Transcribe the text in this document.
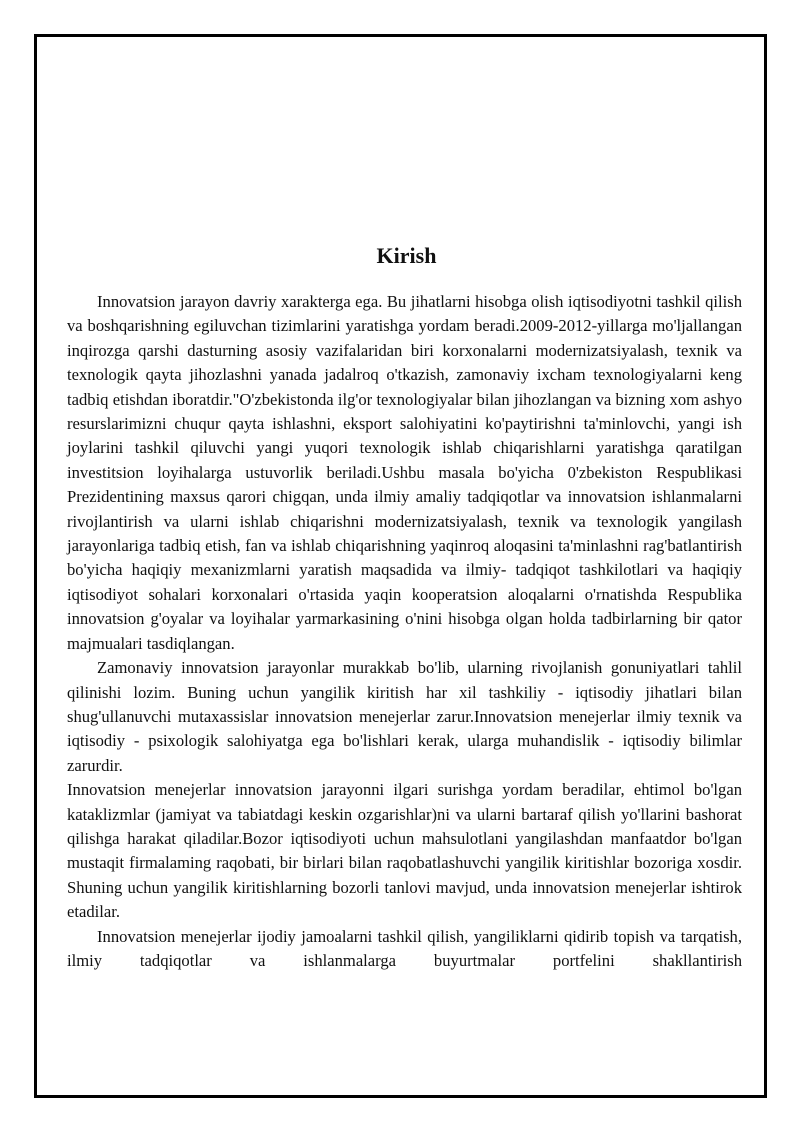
Kirish

Innovatsion jarayon davriy xarakterga ega. Bu jihatlarni hisobga olish iqtisodiyotni tashkil qilish va boshqarishning egiluvchan tizimlarini yaratishga yordam beradi.2009-2012-yillarga mo'ljallangan inqirozga qarshi dasturning asosiy vazifalaridan biri korxonalarni modernizatsiyalash, texnik va texnologik qayta jihozlashni yanada jadalroq o'tkazish, zamonaviy ixcham texnologiyalarni keng tadbiq etishdan iboratdir."O'zbekistonda ilg'or texnologiyalar bilan jihozlangan va bizning xom ashyo resurslarimizni chuqur qayta ishlashni, eksport salohiyatini ko'paytirishni ta'minlovchi, yangi ish joylarini tashkil qiluvchi yangi yuqori texnologik ishlab chiqarishlarni yaratishga qaratilgan investitsion loyihalarga ustuvorlik beriladi.Ushbu masala bo'yicha 0'zbekiston Respublikasi Prezidentining maxsus qarori chigqan, unda ilmiy amaliy tadqiqotlar va innovatsion ishlanmalarni rivojlantirish va ularni ishlab chiqarishni modernizatsiyalash, texnik va texnologik yangilash jarayonlariga tadbiq etish, fan va ishlab chiqarishning yaqinroq aloqasini ta'minlashni rag'batlantirish bo'yicha haqiqiy mexanizmlarni yaratish maqsadida va ilmiy- tadqiqot tashkilotlari va haqiqiy iqtisodiyot sohalari korxonalari o'rtasida yaqin kooperatsion aloqalarni o'rnatishda Respublika innovatsion g'oyalar va loyihalar yarmarkasining o'nini hisobga olgan holda tadbirlarning bir qator majmualari tasdiqlangan.

Zamonaviy innovatsion jarayonlar murakkab bo'lib, ularning rivojlanish gonuniyatlari tahlil qilinishi lozim. Buning uchun yangilik kiritish har xil tashkiliy - iqtisodiy jihatlari bilan shug'ullanuvchi mutaxassislar innovatsion menejerlar zarur.Innovatsion menejerlar ilmiy texnik va iqtisodiy - psixologik salohiyatga ega bo'lishlari kerak, ularga muhandislik - iqtisodiy bilimlar zarurdir.

Innovatsion menejerlar innovatsion jarayonni ilgari surishga yordam beradilar, ehtimol bo'lgan kataklizmlar (jamiyat va tabiatdagi keskin ozgarishlar)ni va ularni bartaraf qilish yo'llarini bashorat qilishga harakat qiladilar.Bozor iqtisodiyoti uchun mahsulotlani yangilashdan manfaatdor bo'lgan mustaqit firmalaming raqobati, bir birlari bilan raqobatlashuvchi yangilik kiritishlar bozoriga xosdir. Shuning uchun yangilik kiritishlarning bozorli tanlovi mavjud, unda innovatsion menejerlar ishtirok etadilar.

Innovatsion menejerlar ijodiy jamoalarni tashkil qilish, yangiliklarni qidirib topish va tarqatish, ilmiy tadqiqotlar va ishlanmalarga buyurtmalar portfelini shakllantirish
